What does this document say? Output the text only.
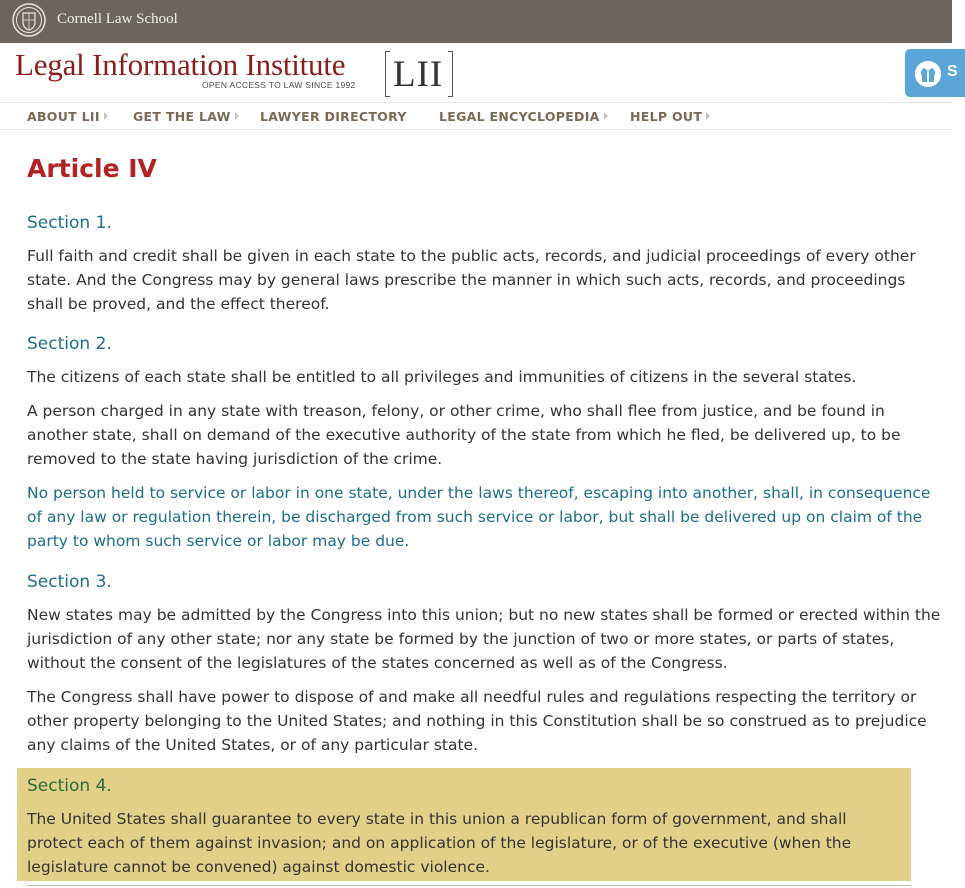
Cornell Law School
Legal Information Institute
OPEN ACCESS TO LAW SINCE 1992 LII	S
ABOUT LII	GET THE LAW	LAWYER DIRECTORY	LEGAL ENCYCLOPEDIA	HELP OUT
Article IV
Section 1.

Full faith and credit shall be given in each state to the public acts, records, and judicial proceedings of every other state. And the Congress may by general laws prescribe the manner in which such acts, records, and proceedings shall be proved, and the effect thereof.

Section 2.

The citizens of each state shall be entitled to all privileges and immunities of citizens in the several states.

A person charged in any state with treason, felony, or other crime, who shall flee from justice, and be found in another state, shall on demand of the executive authority of the state from which he fled, be delivered up, to be removed to the state having jurisdiction of the crime.

No person held to service or labor in one state, under the laws thereof, escaping into another, shall, in consequence of any law or regulation therein, be discharged from such service or labor, but shall be delivered up on claim of the party to whom such service or labor may be due.

Section 3.

New states may be admitted by the Congress into this union; but no new states shall be formed or erected within the jurisdiction of any other state; nor any state be formed by the junction of two or more states, or parts of states, without the consent of the legislatures of the states concerned as well as of the Congress.

The Congress shall have power to dispose of and make all needful rules and regulations respecting the territory or other property belonging to the United States; and nothing in this Constitution shall be so construed as to prejudice any claims of the United States, or of any particular state.

Section 4.

The United States shall guarantee to every state in this union a republican form of government, and shall protect each of them against invasion; and on application of the legislature, or of the executive (when the legislature cannot be convened) against domestic violence.
